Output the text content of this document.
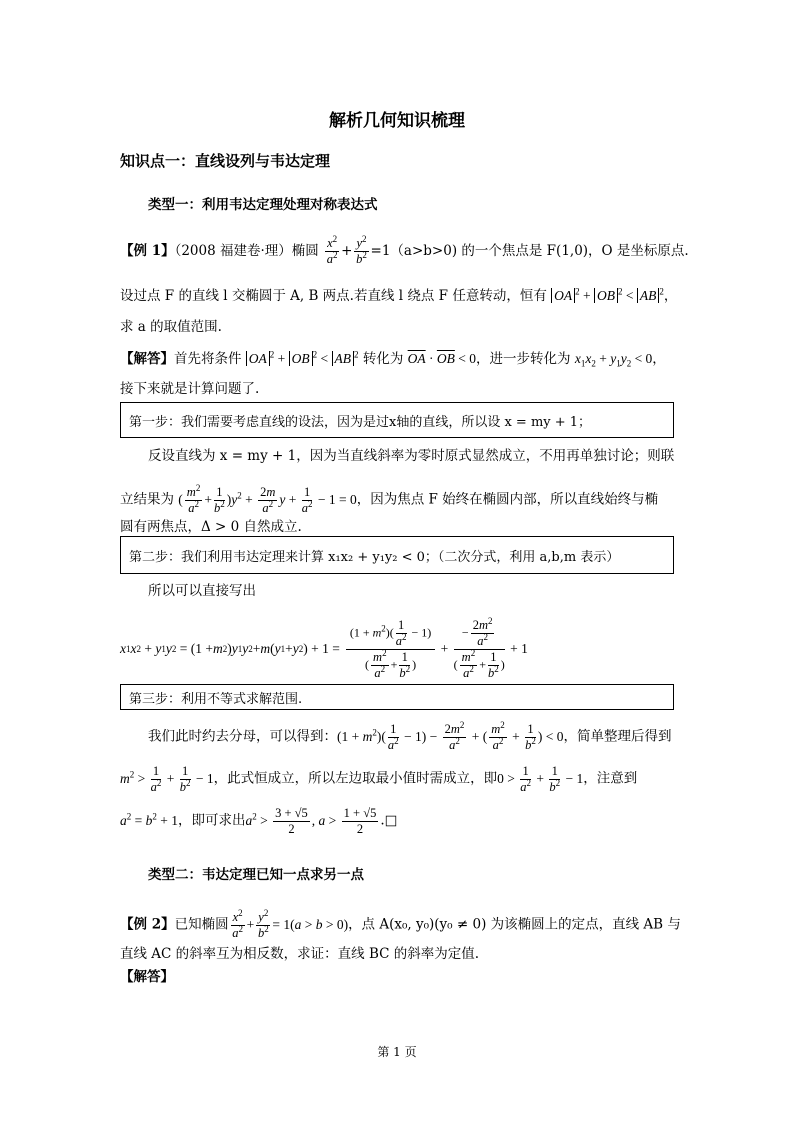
解析几何知识梳理
知识点一：直线设列与韦达定理
类型一：利用韦达定理处理对称表达式
【例 1】（2008 福建卷·理）椭圆 $\frac{x^2}{a^2} + \frac{y^2}{b^2} =1(a>b>0)$ 的一个焦点是 F(1,0)，O 是坐标原点.
设过点 F 的直线 l 交椭圆于 A, B 两点.若直线 l 绕点 F 任意转动，恒有 OA $^2$ + OB $^2$ < AB $^2$，
求 a 的取值范围.
【解答】首先将条件 OA $^2$ + OB $^2$ < AB $^2$ 转化为 $\overline{OA} \cdot \overline{OB} < 0$，进一步转化为 $x_1x_2 + y_1y_2 < 0$，
接下来就是计算问题了.
第一步：我们需要考虑直线的设法，因为是过x轴的直线，所以设 x = my + 1；
反设直线为 x = my + 1，因为当直线斜率为零时原式显然成立，不用再单独讨论；则联
立结果为 ( $\frac{m^2}{a^2} + \frac{1}{b^2} )y^2 + \frac{2m}{a^2}$ $y + \frac{1}{a^2} - 1 = 0$，因为焦点 F 始终在椭圆内部，所以直线始终与椭
圆有两焦点，Δ > 0 自然成立.
第二步：我们利用韦达定理来计算 x₁x₂ + y₁y₂ < 0；（二次分式，利用 a,b,m 表示）
所以可以直接写出
x 1 x 2 + y 1 y 2 = (1 + m 2 ) y 1 y 2 + m ( y 1 + y 2 ) + $1 = \frac{(1 + m^2)( \frac{1}{a^2} - 1)}{( \frac{m^2}{a^2} + \frac{1}{b^2} )} + \frac{- \frac{2m^2}{a^2}}{( \frac{m^2}{a^2} + \frac{1}{b^2} )} + 1$
第三步：利用不等式求解范围.
我们此时约去分母，可以得到：$(1 + m^2)( \frac{1}{a^2} - 1) - \frac{2m^2}{a^2}$ + ( $\frac{m^2}{a^2} + \frac{1}{b^2}$ ) < 0，简单整理后得到
$m^2 > \frac{1}{a^2} + \frac{1}{b^2} - 1$，此式恒成立，所以左边取最小值时需成立，即$0 > \frac{1}{a^2} + \frac{1}{b^2} - 1$，注意到
$a^2 = b^2 + 1$，即可求出$a^2 > \frac{3 + √5}{2}$ , $a > \frac{1 + √5}{2}$ .□
类型二：韦达定理已知一点求另一点
【例 2】已知椭圆 $\frac{x^2}{a^2} + \frac{y^2}{b^2} = 1(a > b > 0)$，点 A(x₀, y₀)(y₀ ≠ 0) 为该椭圆上的定点，直线 AB 与
直线 AC 的斜率互为相反数，求证：直线 BC 的斜率为定值.
【解答】
第 1 页
